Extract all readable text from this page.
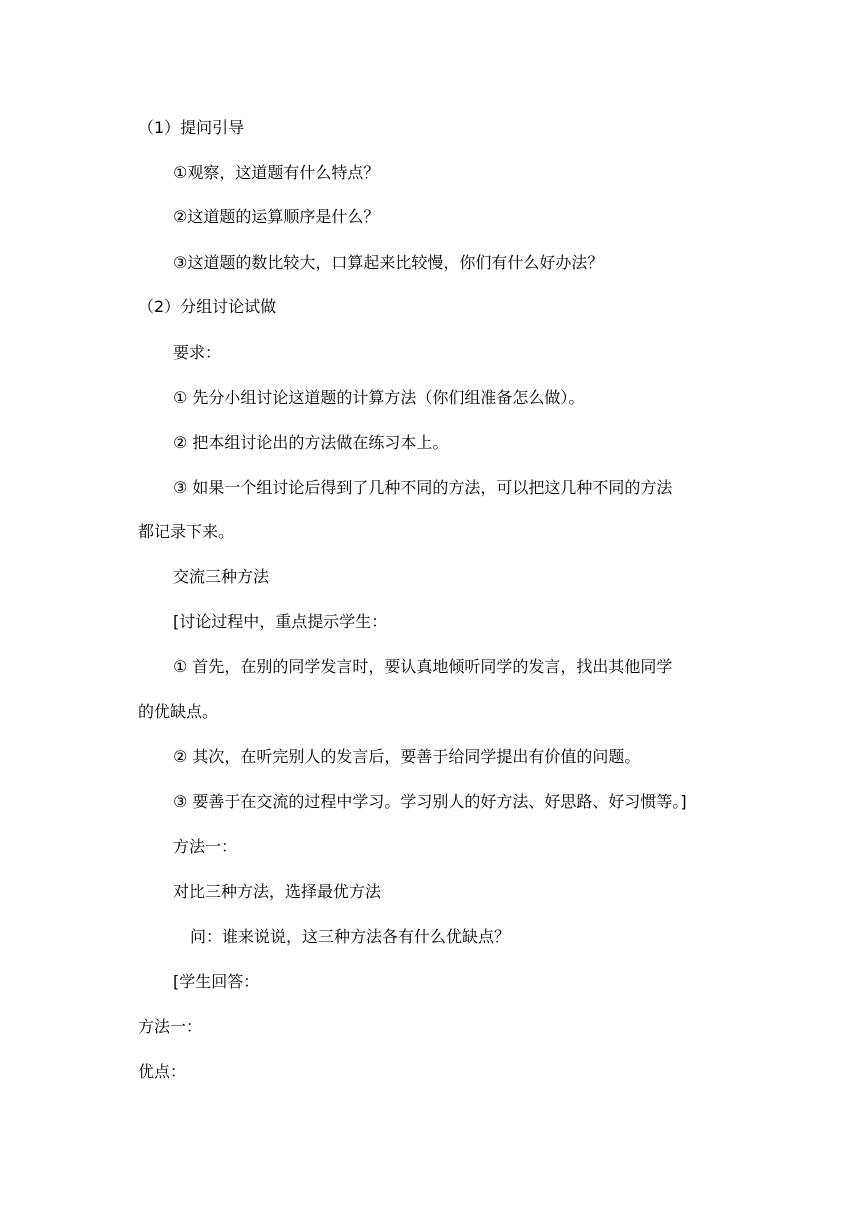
（1）提问引导
①观察，这道题有什么特点？
②这道题的运算顺序是什么？
③这道题的数比较大，口算起来比较慢，你们有什么好办法？
（2）分组讨论试做
要求：
① 先分小组讨论这道题的计算方法（你们组准备怎么做）。
② 把本组讨论出的方法做在练习本上。
③ 如果一个组讨论后得到了几种不同的方法，可以把这几种不同的方法
都记录下来。
交流三种方法
[讨论过程中，重点提示学生：
① 首先，在别的同学发言时，要认真地倾听同学的发言，找出其他同学
的优缺点。
② 其次，在听完别人的发言后，要善于给同学提出有价值的问题。
③ 要善于在交流的过程中学习。学习别人的好方法、好思路、好习惯等。]
方法一：
对比三种方法，选择最优方法
问：谁来说说，这三种方法各有什么优缺点？
[学生回答：
方法一：
优点：
